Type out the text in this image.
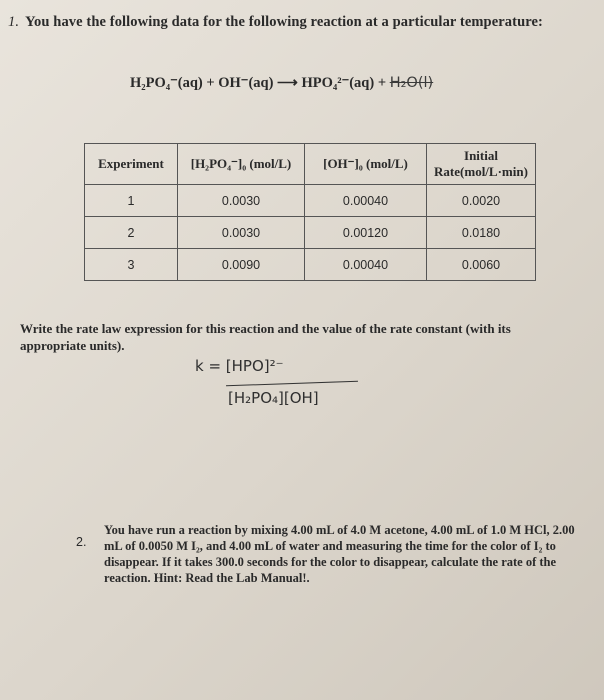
1. You have the following data for the following reaction at a particular temperature:
H₂PO₄⁻(aq) + OH⁻(aq) ⟶ HPO₄²⁻(aq) + H₂O(l)
Experiment	[H₂PO₄⁻]₀ (mol/L)	[OH⁻]₀ (mol/L)	Initial Rate(mol/L·min)
1	0.0030	0.00040	0.0020
2	0.0030	0.00120	0.0180
3	0.0090	0.00040	0.0060
Write the rate law expression for this reaction and the value of the rate constant (with its appropriate units).
k = [HPO]²⁻
[H₂PO₄][OH]
2.
You have run a reaction by mixing 4.00 mL of 4.0 M acetone, 4.00 mL of 1.0 M HCl, 2.00 mL of 0.0050 M I₂, and 4.00 mL of water and measuring the time for the color of I₂ to disappear. If it takes 300.0 seconds for the color to disappear, calculate the rate of the reaction. Hint: Read the Lab Manual!.
